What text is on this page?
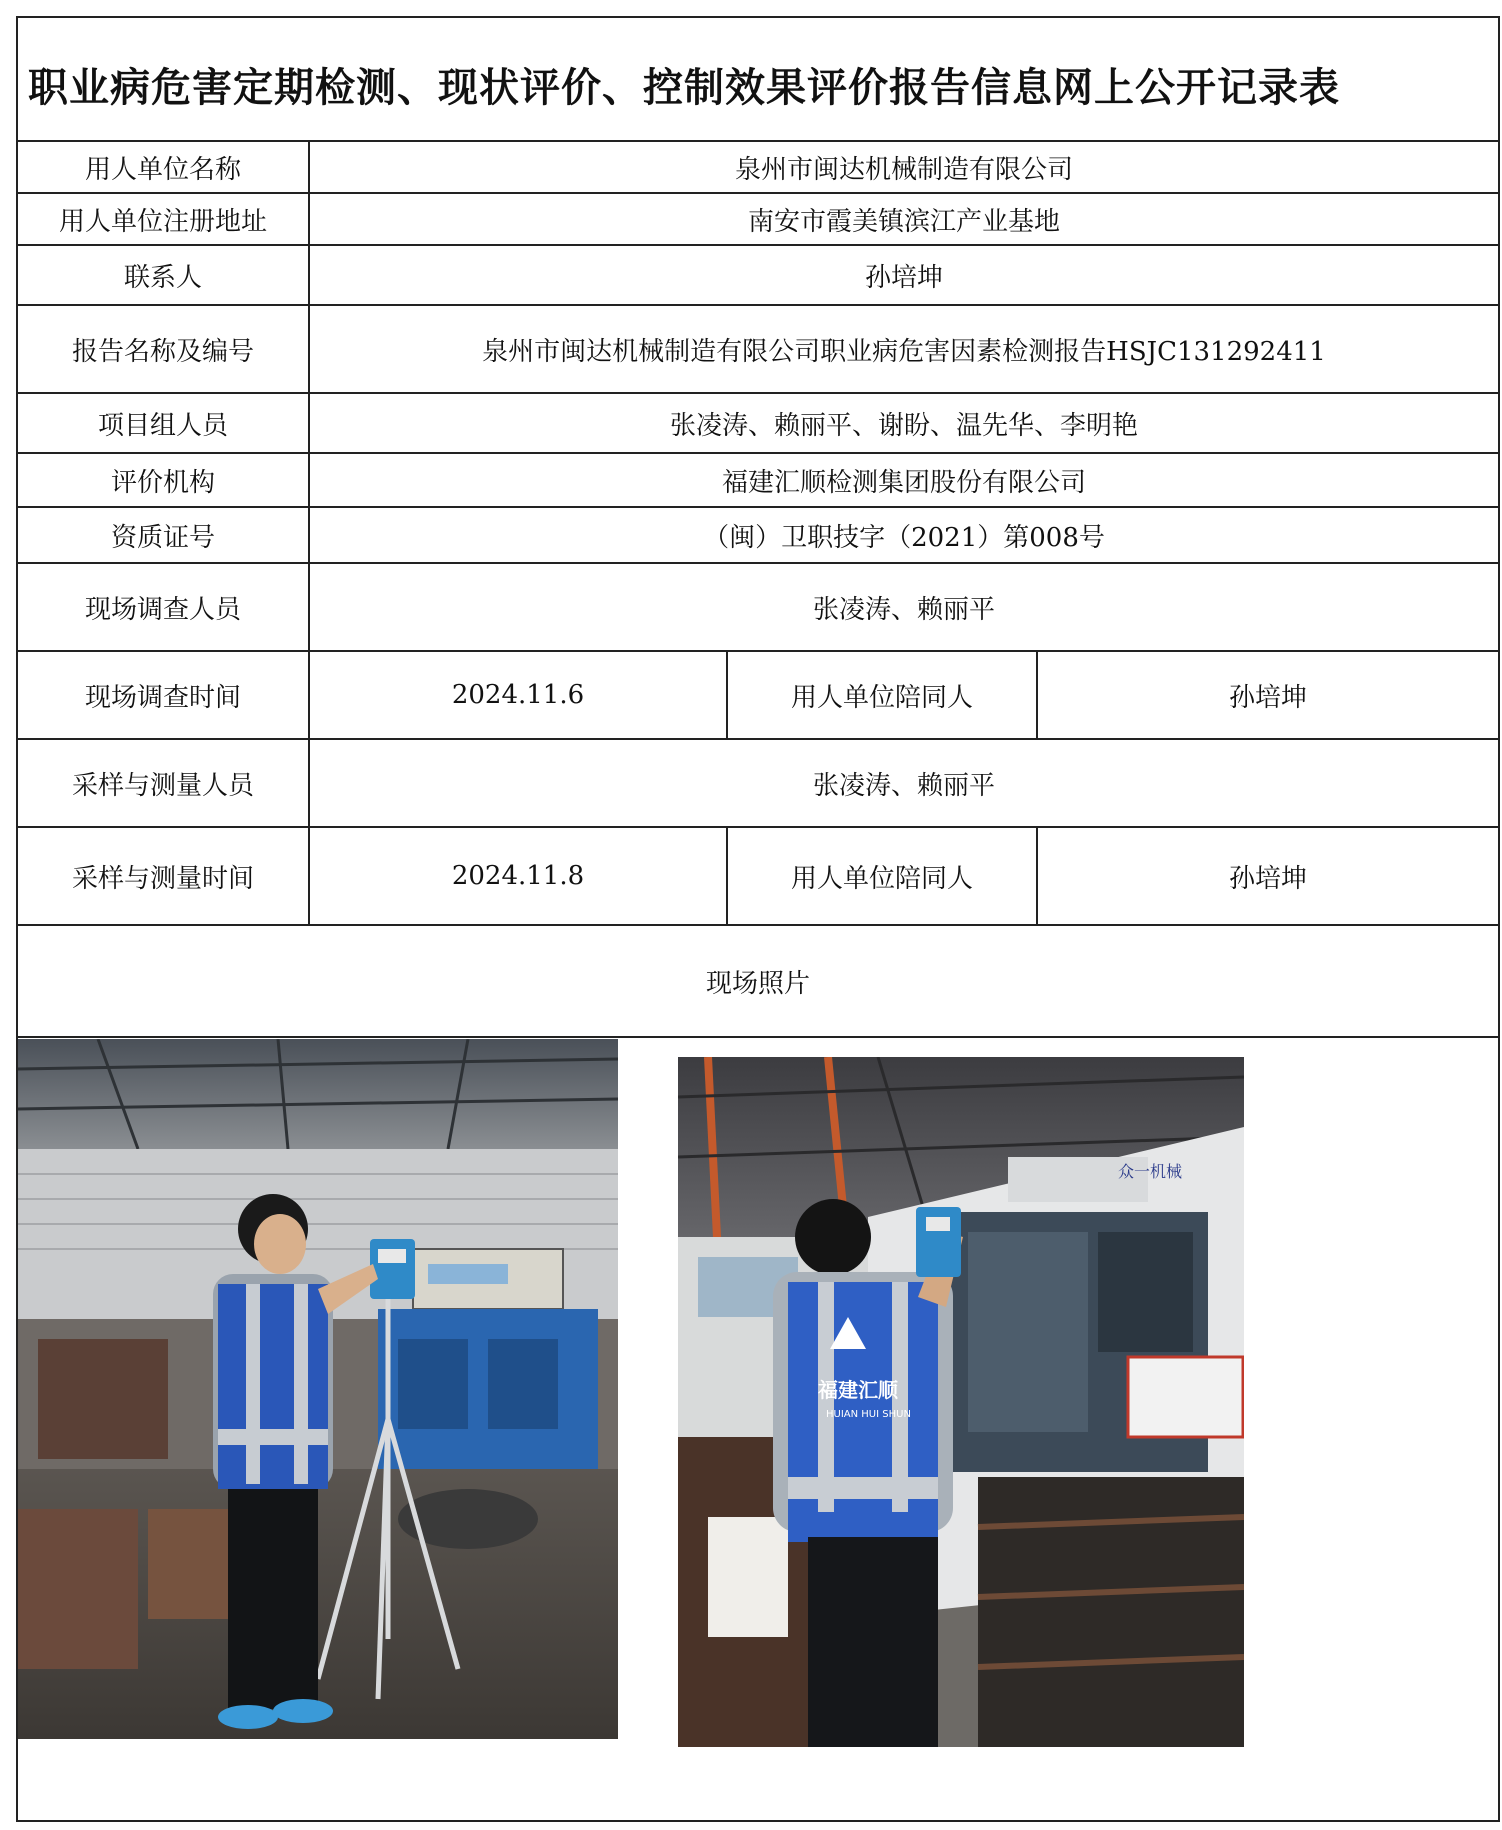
职业病危害定期检测、现状评价、控制效果评价报告信息网上公开记录表
用人单位名称	泉州市闽达机械制造有限公司
用人单位注册地址	南安市霞美镇滨江产业基地
联系人	孙培坤
报告名称及编号	泉州市闽达机械制造有限公司职业病危害因素检测报告HSJC131292411
项目组人员	张凌涛、赖丽平、谢盼、温先华、李明艳
评价机构	福建汇顺检测集团股份有限公司
资质证号	（闽）卫职技字（2021）第008号
现场调查人员	张凌涛、赖丽平
现场调查时间	2024.11.6	用人单位陪同人	孙培坤
采样与测量人员	张凌涛、赖丽平
采样与测量时间	2024.11.8	用人单位陪同人	孙培坤
现场照片
众一机械
福建汇顺
HUIAN HUI SHUN
